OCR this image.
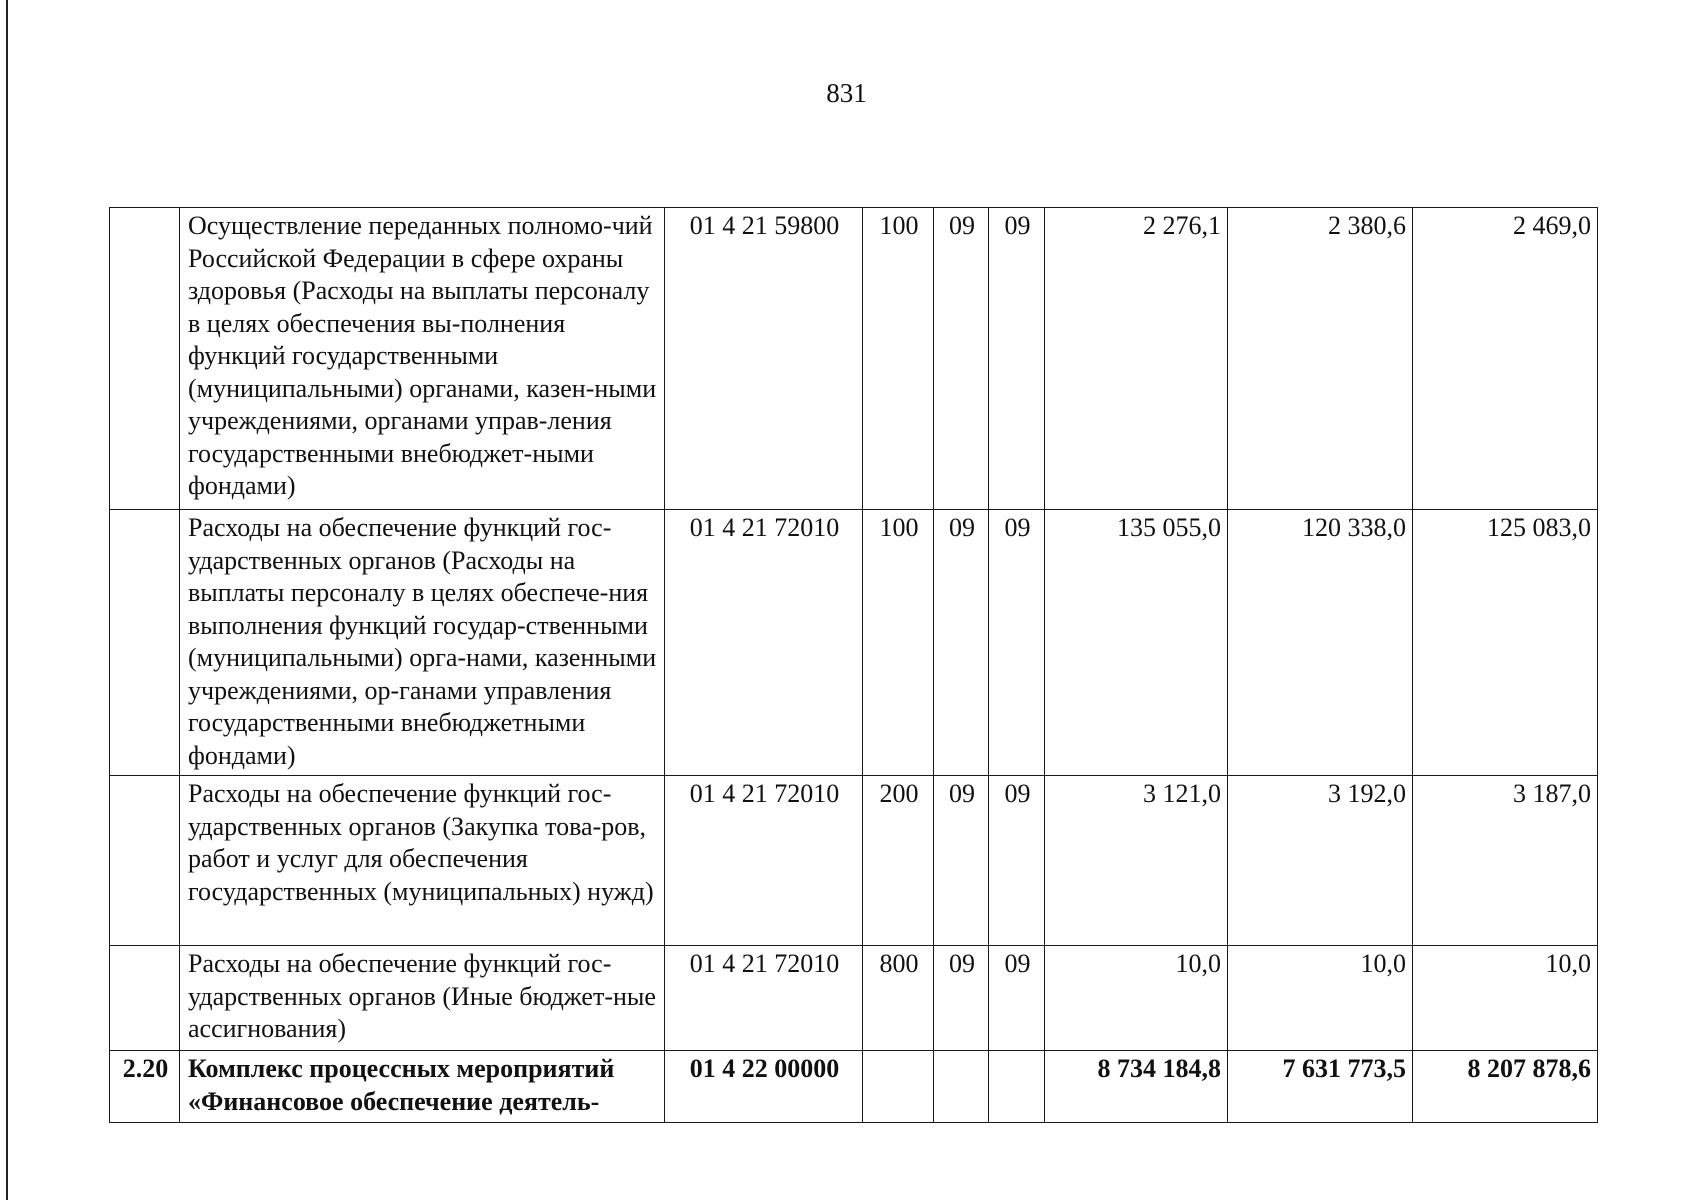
831
	Осуществление переданных полномо-чий Российской Федерации в сфере охраны здоровья (Расходы на выплаты персоналу в целях обеспечения вы-полнения функций государственными (муниципальными) органами, казен-ными учреждениями, органами управ-ления государственными внебюджет-ными фондами)	01 4 21 59800	100	09	09	2 276,1	2 380,6	2 469,0
	Расходы на обеспечение функций гос-ударственных органов (Расходы на выплаты персоналу в целях обеспече-ния выполнения функций государ-ственными (муниципальными) орга-нами, казенными учреждениями, ор-ганами управления государственными внебюджетными фондами)	01 4 21 72010	100	09	09	135 055,0	120 338,0	125 083,0
	Расходы на обеспечение функций гос-ударственных органов (Закупка това-ров, работ и услуг для обеспечения государственных (муниципальных) нужд)	01 4 21 72010	200	09	09	3 121,0	3 192,0	3 187,0
	Расходы на обеспечение функций гос-ударственных органов (Иные бюджет-ные ассигнования)	01 4 21 72010	800	09	09	10,0	10,0	10,0
2.20	Комплекс процессных мероприятий «Финансовое обеспечение деятель-	01 4 22 00000				8 734 184,8	7 631 773,5	8 207 878,6
